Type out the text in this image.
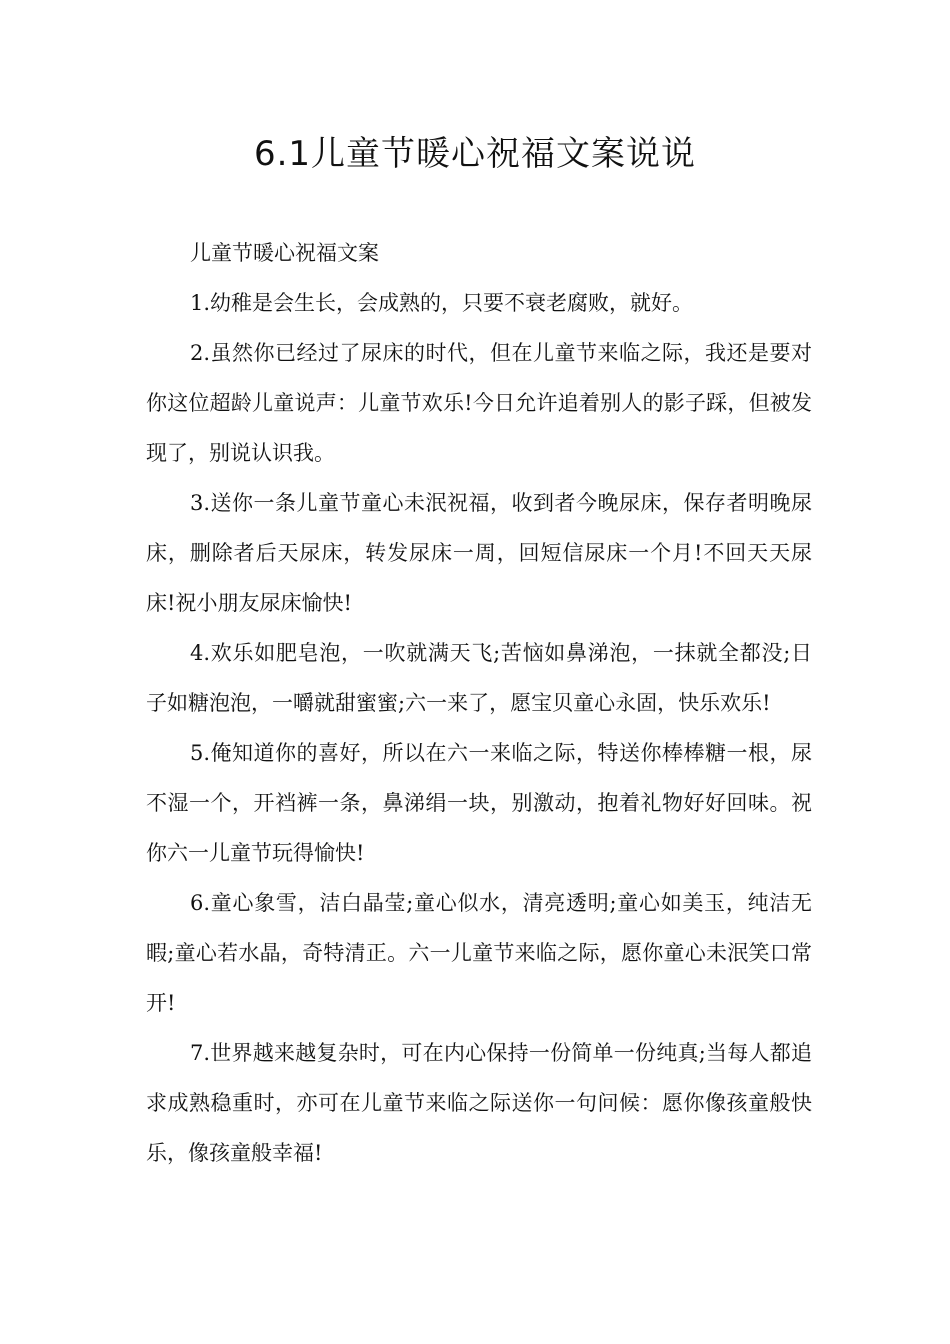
6.1儿童节暖心祝福文案说说

儿童节暖心祝福文案

1.幼稚是会生长，会成熟的，只要不衰老腐败，就好。

2.虽然你已经过了尿床的时代，但在儿童节来临之际，我还是要对你这位超龄儿童说声：儿童节欢乐!今日允许追着别人的影子踩，但被发现了，别说认识我。

3.送你一条儿童节童心未泯祝福，收到者今晚尿床，保存者明晚尿床，删除者后天尿床，转发尿床一周，回短信尿床一个月!不回天天尿床!祝小朋友尿床愉快!

4.欢乐如肥皂泡，一吹就满天飞;苦恼如鼻涕泡，一抹就全都没;日子如糖泡泡，一嚼就甜蜜蜜;六一来了，愿宝贝童心永固，快乐欢乐!

5.俺知道你的喜好，所以在六一来临之际，特送你棒棒糖一根，尿不湿一个，开裆裤一条，鼻涕绢一块，别激动，抱着礼物好好回味。祝你六一儿童节玩得愉快!

6.童心象雪，洁白晶莹;童心似水，清亮透明;童心如美玉，纯洁无暇;童心若水晶，奇特清正。六一儿童节来临之际，愿你童心未泯笑口常开!

7.世界越来越复杂时，可在内心保持一份简单一份纯真;当每人都追求成熟稳重时，亦可在儿童节来临之际送你一句问候：愿你像孩童般快乐，像孩童般幸福!
